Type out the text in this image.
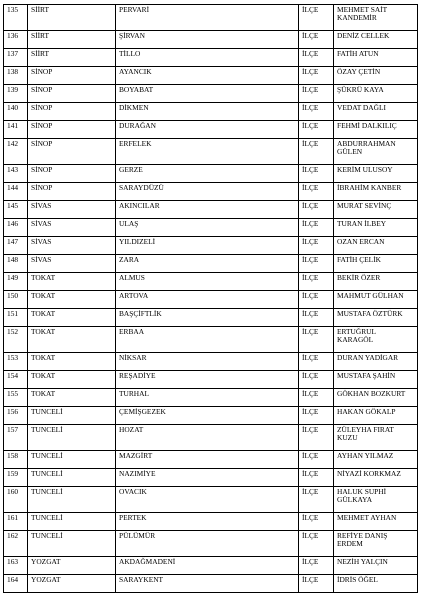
135	SİİRT	PERVARİ	İLÇE	MEHMET SAİT
KANDEMİR

136	SİİRT	ŞİRVAN	İLÇE	DENİZ CELLEK

137	SİİRT	TİLLO	İLÇE	FATİH ATUN

138	SİNOP	AYANCIK	İLÇE	ÖZAY ÇETİN

139	SİNOP	BOYABAT	İLÇE	ŞÜKRÜ KAYA

140	SİNOP	DİKMEN	İLÇE	VEDAT DAĞLI

141	SİNOP	DURAĞAN	İLÇE	FEHMİ DALKILIÇ

142	SİNOP	ERFELEK	İLÇE	ABDURRAHMAN
GÜLEN

143	SİNOP	GERZE	İLÇE	KERİM ULUSOY

144	SİNOP	SARAYDÜZÜ	İLÇE	İBRAHİM KANBER

145	SİVAS	AKINCILAR	İLÇE	MURAT SEVİNÇ

146	SİVAS	ULAŞ	İLÇE	TURAN İLBEY

147	SİVAS	YILDIZELİ	İLÇE	OZAN ERCAN

148	SİVAS	ZARA	İLÇE	FATİH ÇELİK

149	TOKAT	ALMUS	İLÇE	BEKİR ÖZER

150	TOKAT	ARTOVA	İLÇE	MAHMUT GÜLHAN

151	TOKAT	BAŞÇİFTLİK	İLÇE	MUSTAFA ÖZTÜRK

152	TOKAT	ERBAA	İLÇE	ERTUĞRUL
KARAGÖL

153	TOKAT	NİKSAR	İLÇE	DURAN YADİGAR

154	TOKAT	REŞADİYE	İLÇE	MUSTAFA ŞAHİN

155	TOKAT	TURHAL	İLÇE	GÖKHAN BOZKURT

156	TUNCELİ	ÇEMİŞGEZEK	İLÇE	HAKAN GÖKALP

157	TUNCELİ	HOZAT	İLÇE	ZÜLEYHA FIRAT
KUZU

158	TUNCELİ	MAZGİRT	İLÇE	AYHAN YILMAZ

159	TUNCELİ	NAZIMİYE	İLÇE	NİYAZİ KORKMAZ

160	TUNCELİ	OVACIK	İLÇE	HALUK SUPHİ
GÜLKAYA

161	TUNCELİ	PERTEK	İLÇE	MEHMET AYHAN

162	TUNCELİ	PÜLÜMÜR	İLÇE	REFİYE DANIŞ
ERDEM

163	YOZGAT	AKDAĞMADENİ	İLÇE	NEZİH YALÇIN

164	YOZGAT	SARAYKENT	İLÇE	İDRİS ÖĞEL
